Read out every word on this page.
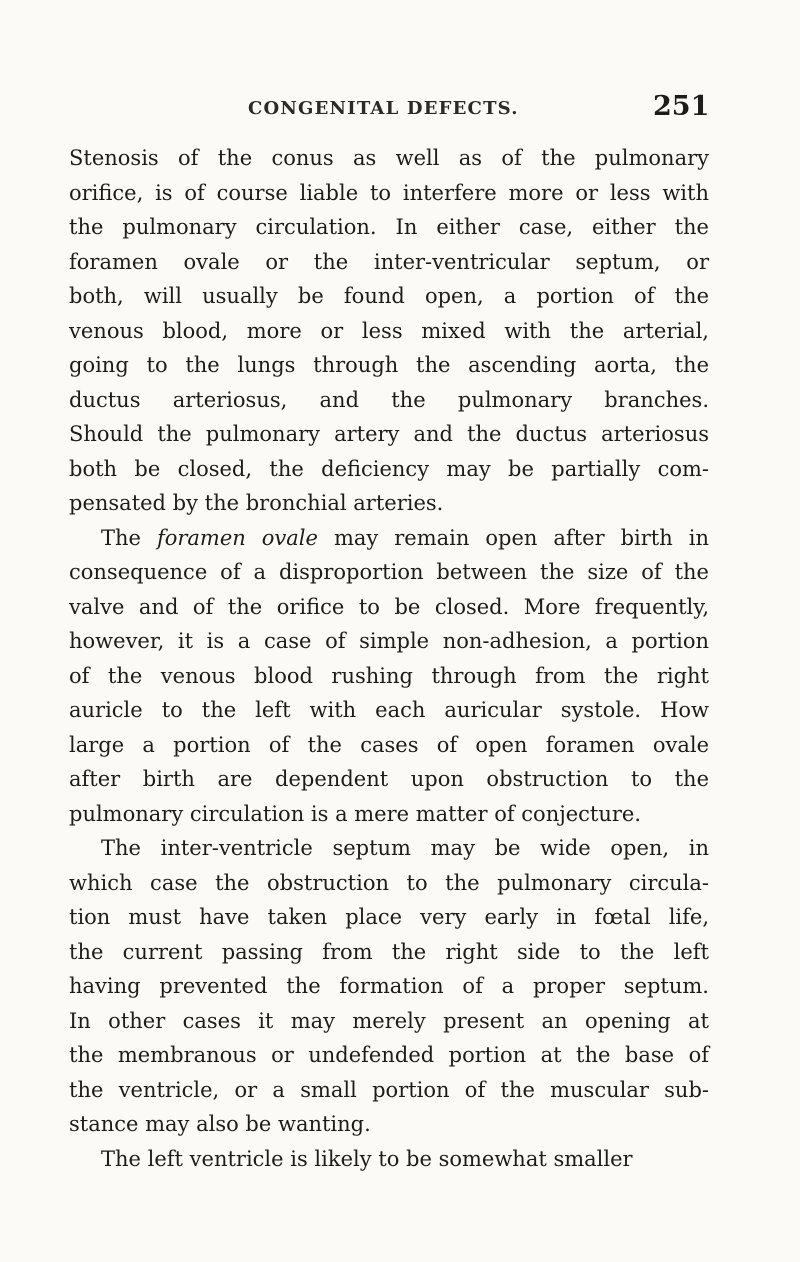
CONGENITAL DEFECTS.	251
Stenosis of the conus as well as of the pulmonary
orifice, is of course liable to interfere more or less with
the pulmonary circulation. In either case, either the
foramen ovale or the inter-ventricular septum, or
both, will usually be found open, a portion of the
venous blood, more or less mixed with the arterial,
going to the lungs through the ascending aorta, the
ductus arteriosus, and the pulmonary branches.
Should the pulmonary artery and the ductus arteriosus
both be closed, the deficiency may be partially com-
pensated by the bronchial arteries.
The foramen ovale may remain open after birth in
consequence of a disproportion between the size of the
valve and of the orifice to be closed. More frequently,
however, it is a case of simple non-adhesion, a portion
of the venous blood rushing through from the right
auricle to the left with each auricular systole. How
large a portion of the cases of open foramen ovale
after birth are dependent upon obstruction to the
pulmonary circulation is a mere matter of conjecture.
The inter-ventricle septum may be wide open, in
which case the obstruction to the pulmonary circula-
tion must have taken place very early in fœtal life,
the current passing from the right side to the left
having prevented the formation of a proper septum.
In other cases it may merely present an opening at
the membranous or undefended portion at the base of
the ventricle, or a small portion of the muscular sub-
stance may also be wanting.
The left ventricle is likely to be somewhat smaller
